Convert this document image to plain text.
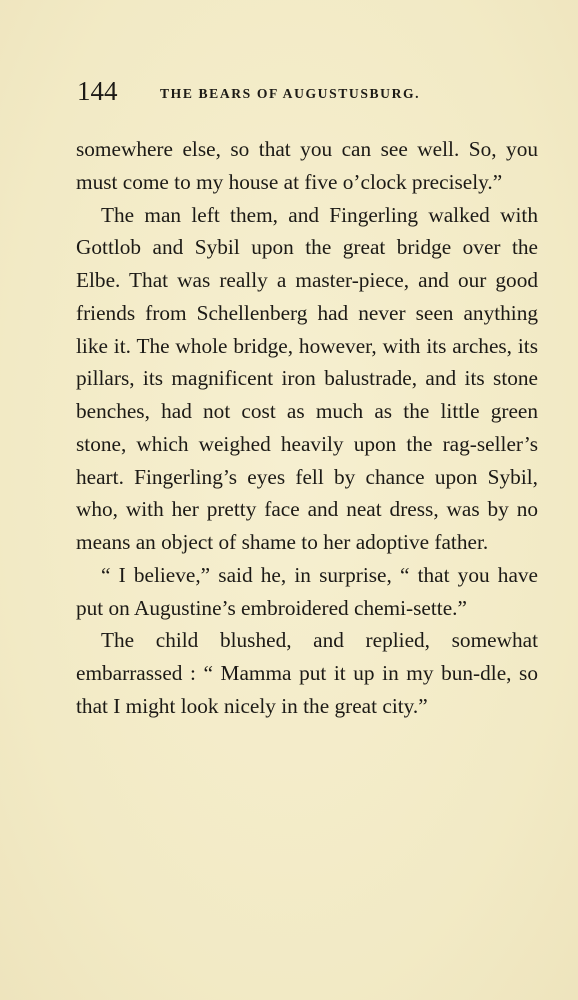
144	THE BEARS OF AUGUSTUSBURG.

somewhere else, so that you can see well. So, you must come to my house at five o’clock precisely.”

The man left them, and Fingerling walked with Gottlob and Sybil upon the great bridge over the Elbe. That was really a master-piece, and our good friends from Schellenberg had never seen anything like it. The whole bridge, however, with its arches, its pillars, its magnificent iron balustrade, and its stone benches, had not cost as much as the little green stone, which weighed heavily upon the rag-seller’s heart. Fingerling’s eyes fell by chance upon Sybil, who, with her pretty face and neat dress, was by no means an object of shame to her adoptive father.

“ I believe,” said he, in surprise, “ that you have put on Augustine’s embroidered chemi-sette.”

The child blushed, and replied, somewhat embarrassed : “ Mamma put it up in my bun-dle, so that I might look nicely in the great city.”
